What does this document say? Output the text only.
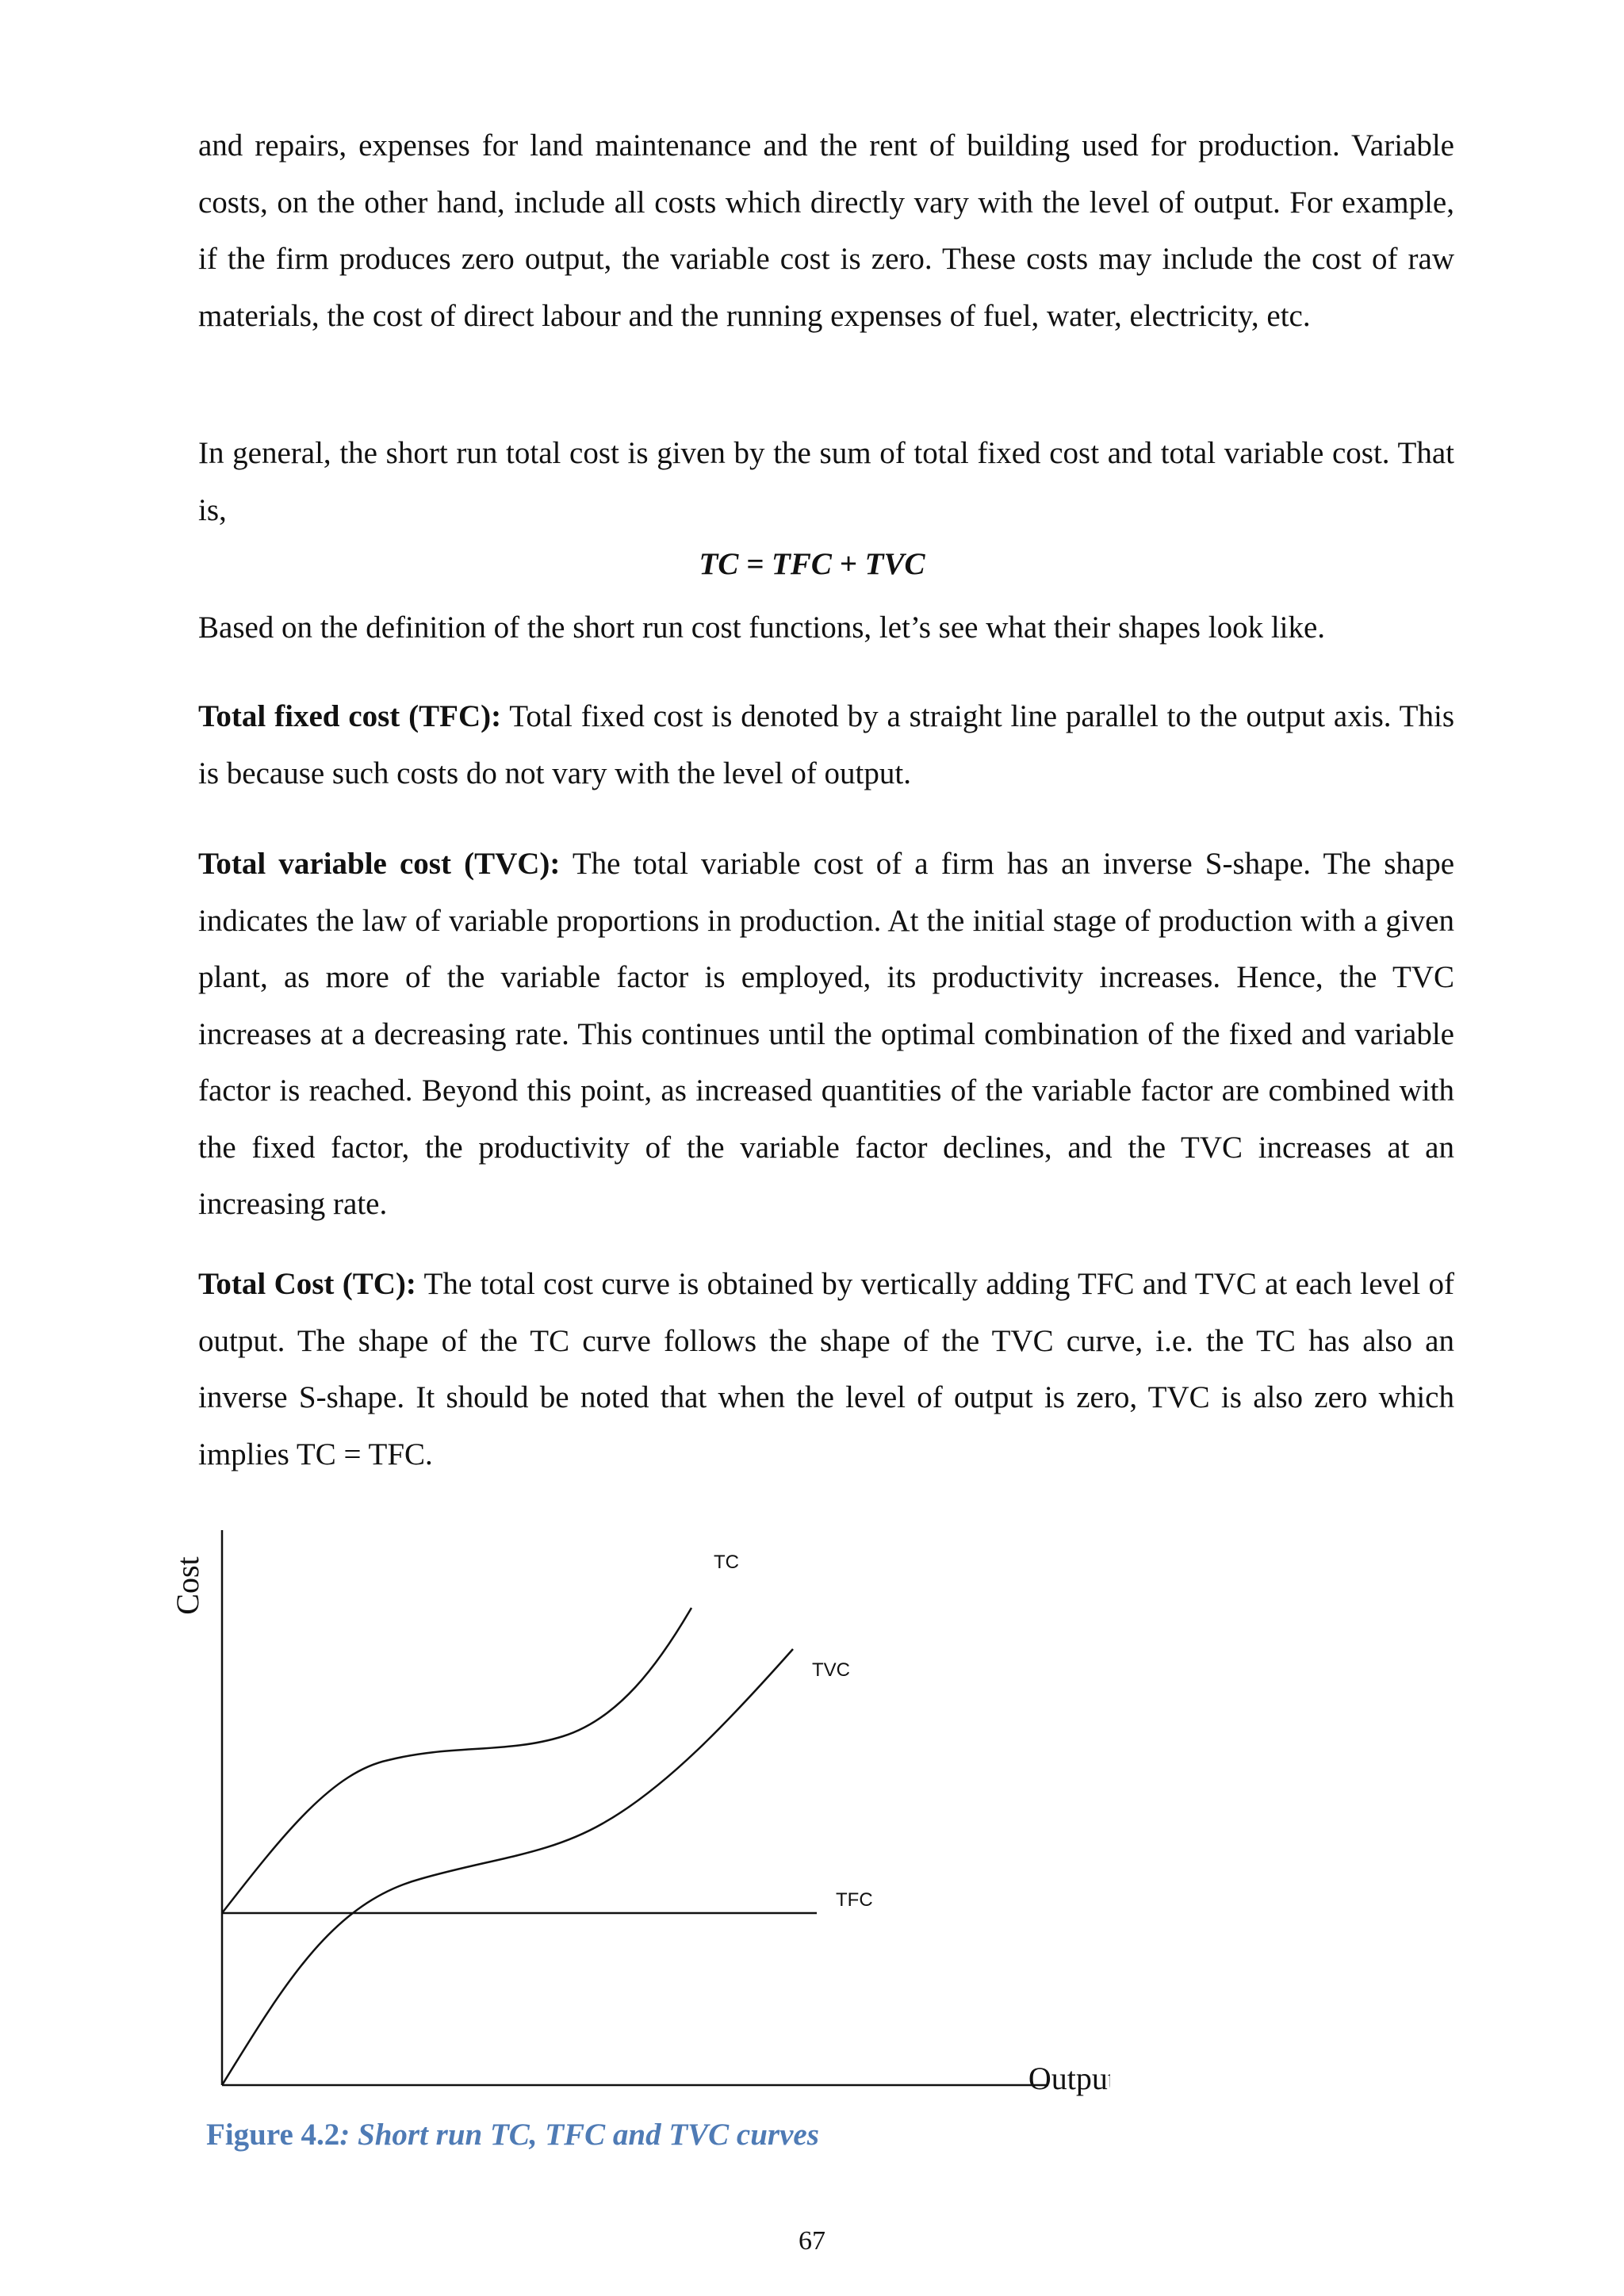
and repairs, expenses for land maintenance and the rent of building used for production. Variable costs, on the other hand, include all costs which directly vary with the level of output. For example, if the firm produces zero output, the variable cost is zero. These costs may include the cost of raw materials, the cost of direct labour and the running expenses of fuel, water, electricity, etc.
In general, the short run total cost is given by the sum of total fixed cost and total variable cost. That is,
TC = TFC + TVC
Based on the definition of the short run cost functions, let’s see what their shapes look like.
Total fixed cost (TFC): Total fixed cost is denoted by a straight line parallel to the output axis. This is because such costs do not vary with the level of output.
Total variable cost (TVC): The total variable cost of a firm has an inverse S-shape. The shape indicates the law of variable proportions in production. At the initial stage of production with a given plant, as more of the variable factor is employed, its productivity increases. Hence, the TVC increases at a decreasing rate. This continues until the optimal combination of the fixed and variable factor is reached. Beyond this point, as increased quantities of the variable factor are combined with the fixed factor, the productivity of the variable factor declines, and the TVC increases at an increasing rate.
Total Cost (TC): The total cost curve is obtained by vertically adding TFC and TVC at each level of output. The shape of the TC curve follows the shape of the TVC curve, i.e. the TC has also an inverse S-shape. It should be noted that when the level of output is zero, TVC is also zero which implies TC = TFC.
Cost
Output
TC
TVC
TFC
Figure 4.2: Short run TC, TFC and TVC curves
67
